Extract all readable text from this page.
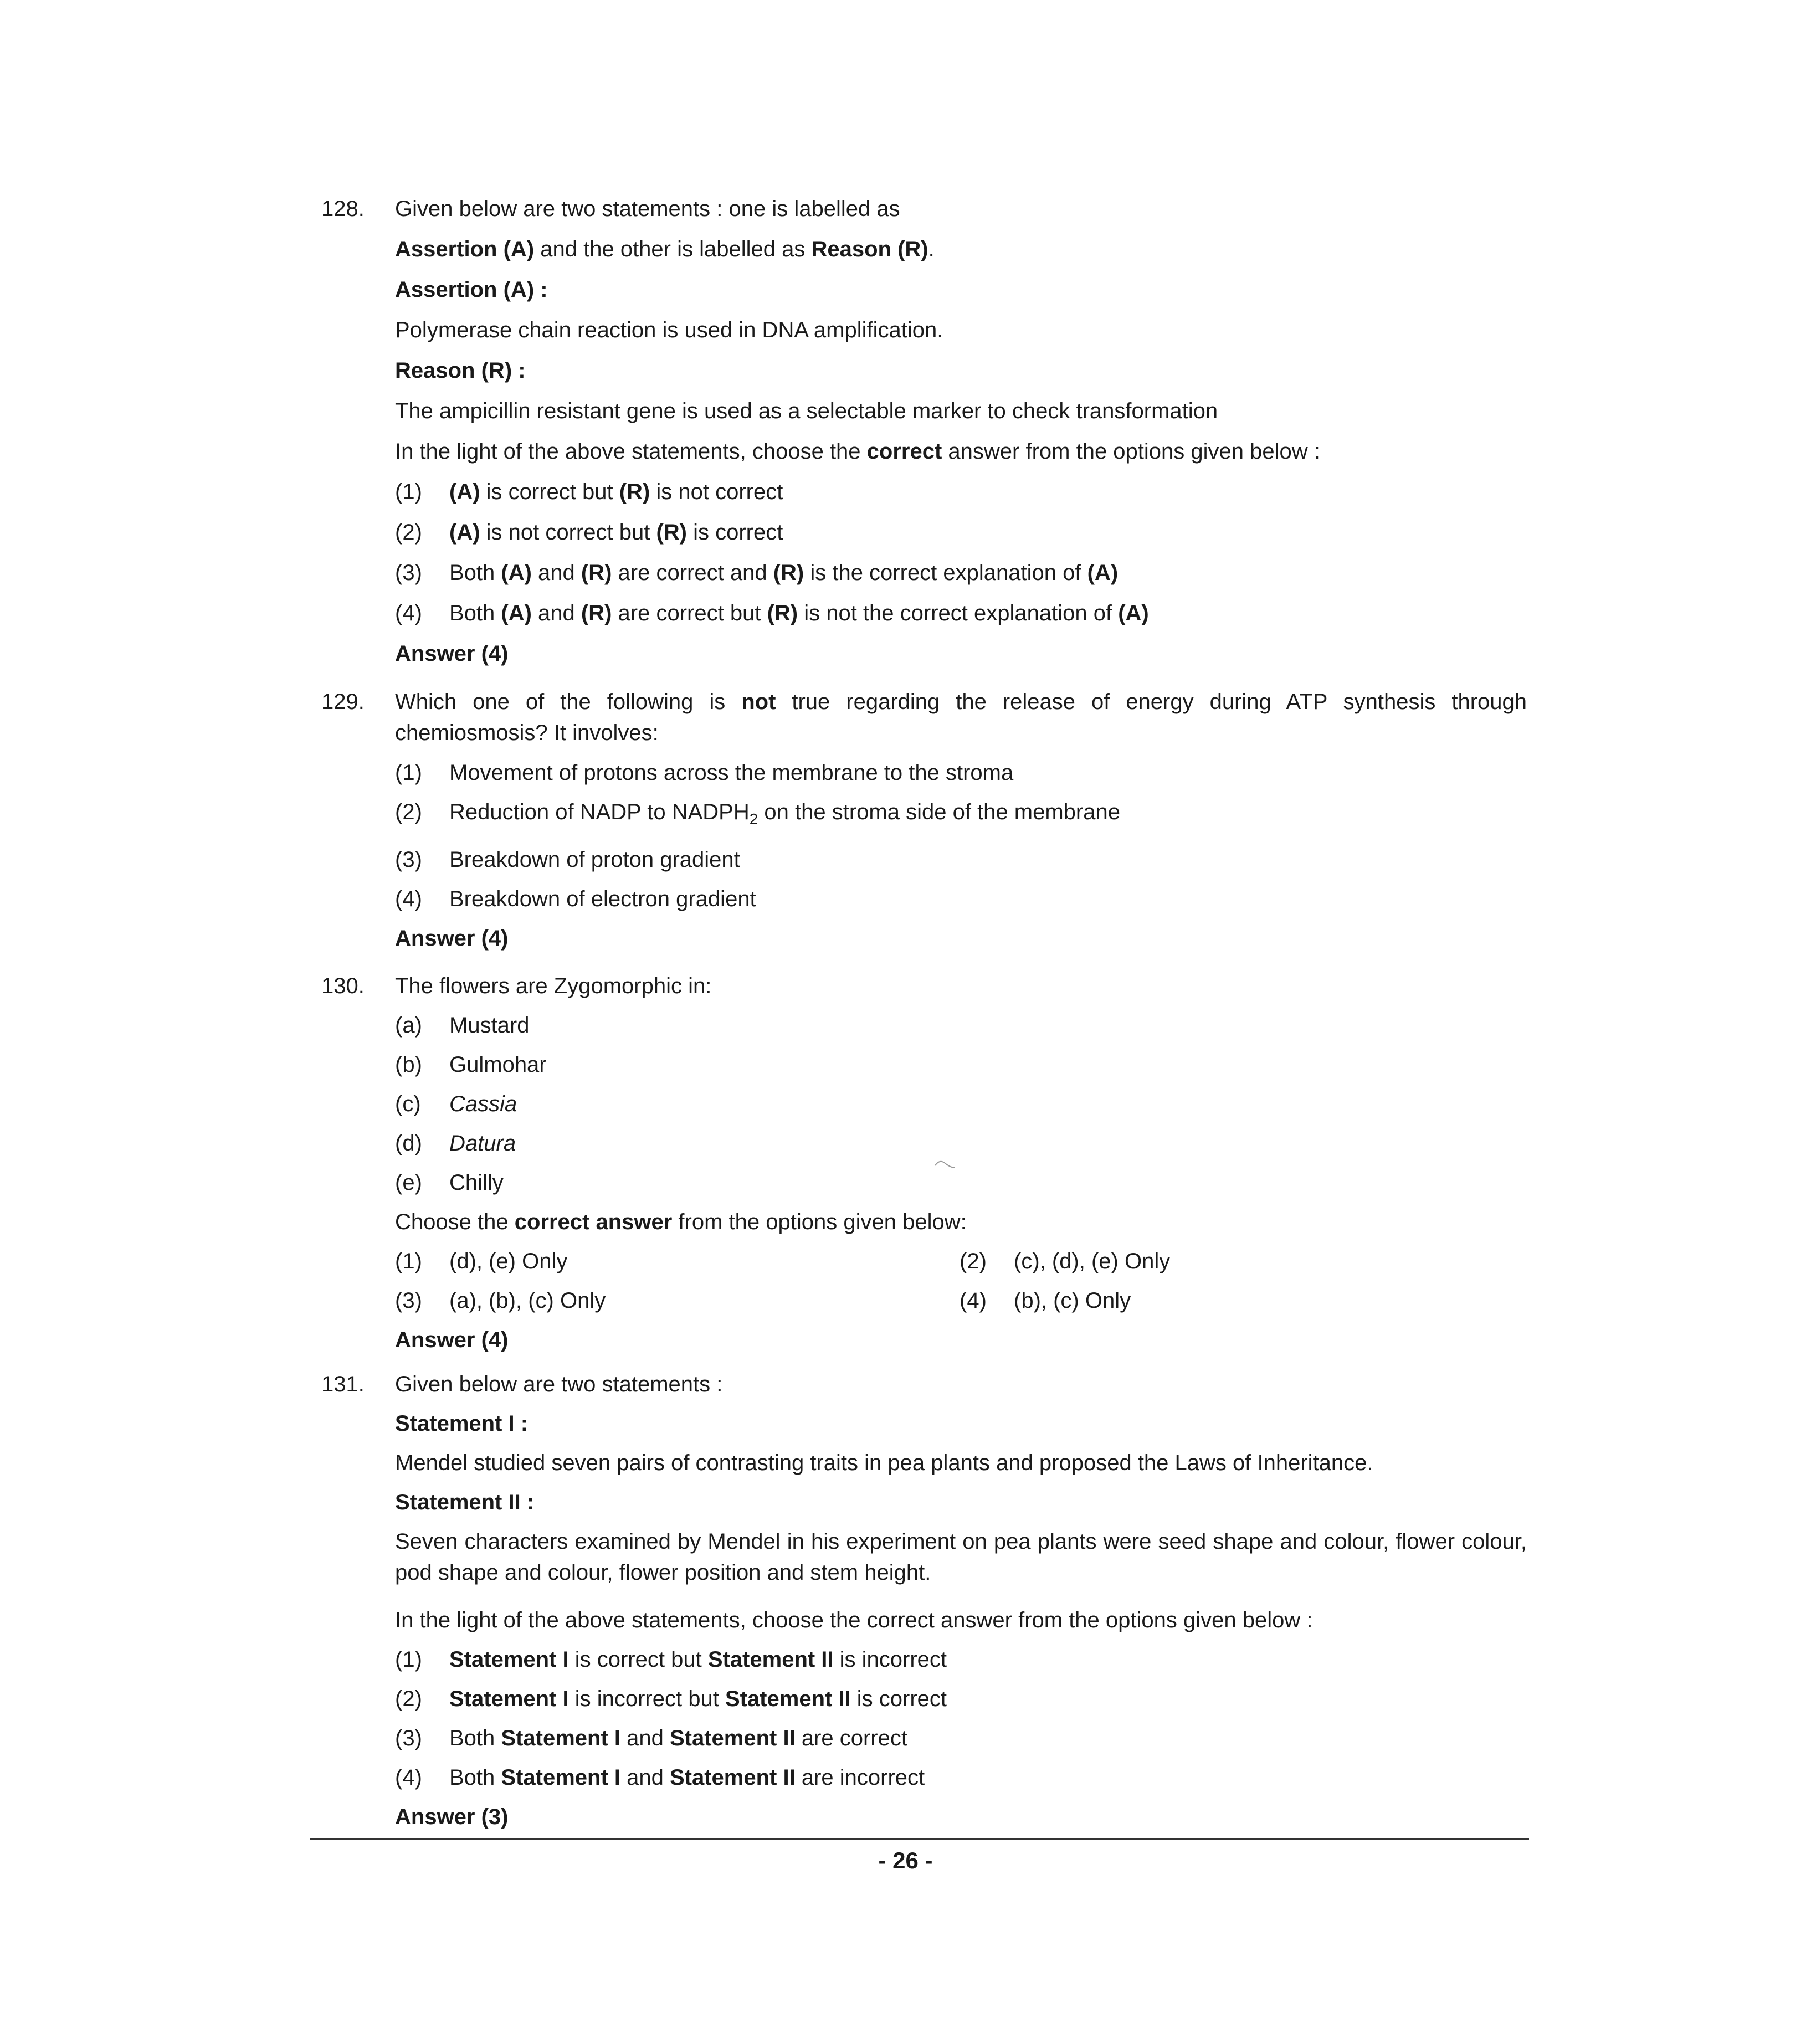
128. Given below are two statements : one is labelled as
Assertion (A) and the other is labelled as Reason (R).
Assertion (A) :
Polymerase chain reaction is used in DNA amplification.
Reason (R) :
The ampicillin resistant gene is used as a selectable marker to check transformation
In the light of the above statements, choose the correct answer from the options given below :
(1) (A) is correct but (R) is not correct
(2) (A) is not correct but (R) is correct
(3) Both (A) and (R) are correct and (R) is the correct explanation of (A)
(4) Both (A) and (R) are correct but (R) is not the correct explanation of (A)
Answer (4)
129. Which one of the following is not true regarding the release of energy during ATP synthesis through chemiosmosis? It involves:
(1) Movement of protons across the membrane to the stroma
(2) Reduction of NADP to $NADPH_2$ on the stroma side of the membrane
(3) Breakdown of proton gradient
(4) Breakdown of electron gradient
Answer (4)
130. The flowers are Zygomorphic in:
(a) Mustard
(b) Gulmohar
(c) Cassia
(d) Datura
(e) Chilly
Choose the correct answer from the options given below:
(1) (d), (e) Only	(2) (c), (d), (e) Only
(3) (a), (b), (c) Only	(4) (b), (c) Only
Answer (4)
131. Given below are two statements :
Statement I :
Mendel studied seven pairs of contrasting traits in pea plants and proposed the Laws of Inheritance.
Statement II :
Seven characters examined by Mendel in his experiment on pea plants were seed shape and colour, flower colour, pod shape and colour, flower position and stem height.
In the light of the above statements, choose the correct answer from the options given below :
(1) Statement I is correct but Statement II is incorrect
(2) Statement I is incorrect but Statement II is correct
(3) Both Statement I and Statement II are correct
(4) Both Statement I and Statement II are incorrect
Answer (3)
- 26 -
